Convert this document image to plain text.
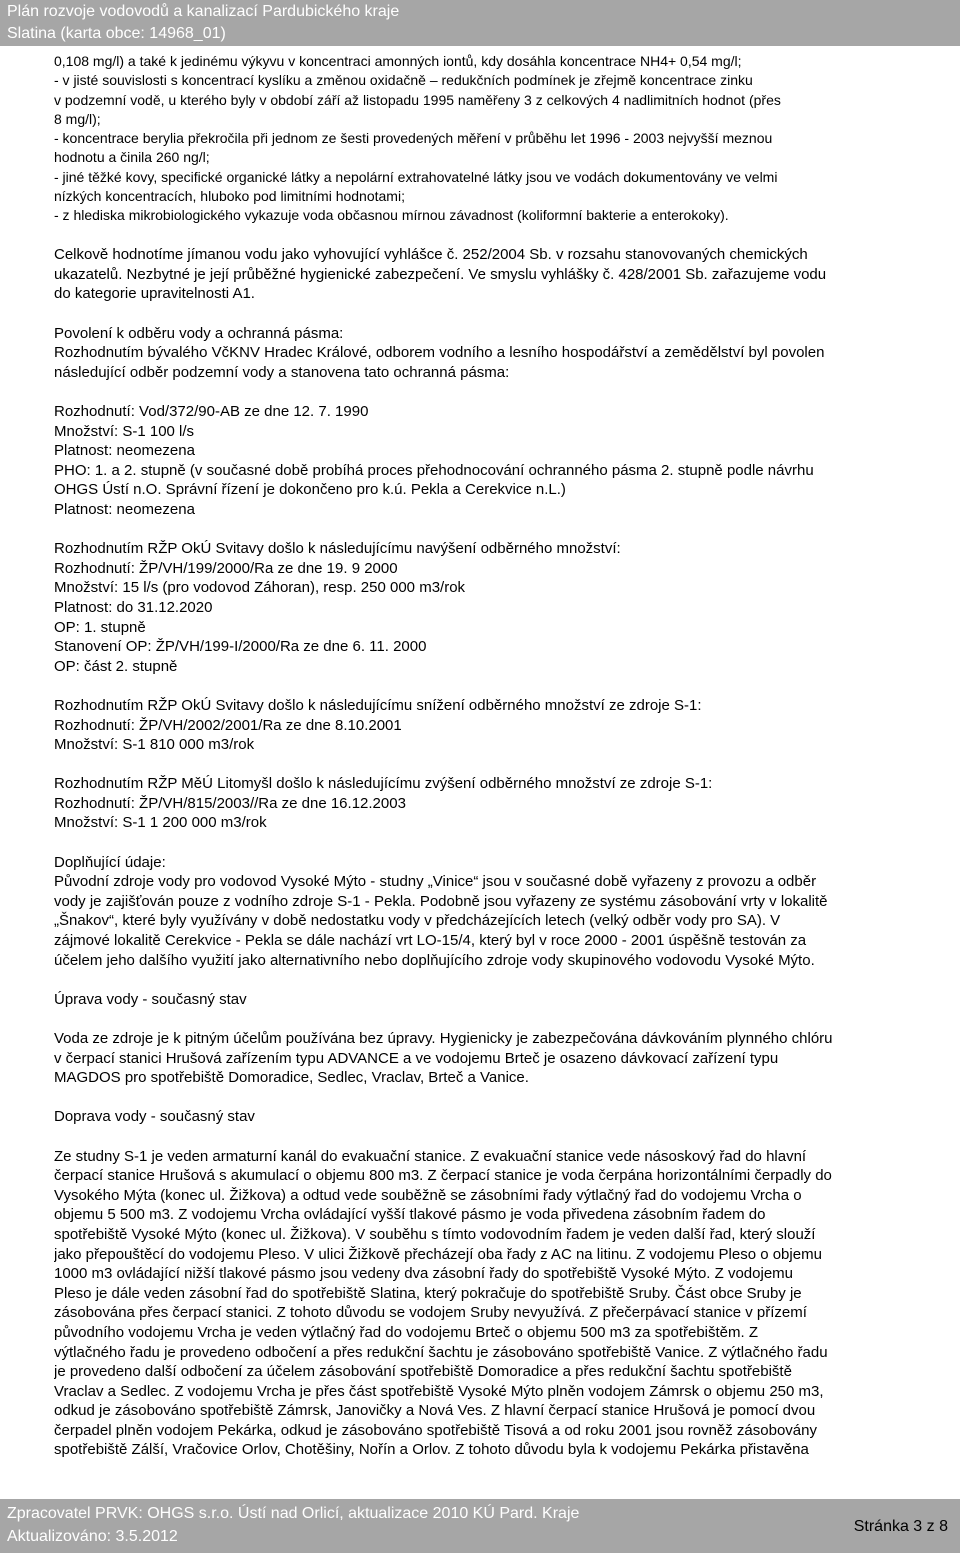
Plán rozvoje vodovodů a kanalizací Pardubického kraje
Slatina (karta obce: 14968_01)

0,108 mg/l) a také k jedinému výkyvu v koncentraci amonných iontů, kdy dosáhla koncentrace NH4+ 0,54 mg/l;

- v jisté souvislosti s koncentrací kyslíku a změnou oxidačně – redukčních podmínek je zřejmě koncentrace zinku

v podzemní vodě, u kterého byly v období září až listopadu 1995 naměřeny 3 z celkových 4 nadlimitních hodnot (přes

8 mg/l);

- koncentrace berylia překročila při jednom ze šesti provedených měření v průběhu let 1996 - 2003 nejvyšší meznou

hodnotu a činila 260 ng/l;

- jiné těžké kovy, specifické organické látky a nepolární extrahovatelné látky jsou ve vodách dokumentovány ve velmi

nízkých koncentracích, hluboko pod limitními hodnotami;

- z hlediska mikrobiologického vykazuje voda občasnou mírnou závadnost (koliformní bakterie a enterokoky).

Celkově hodnotíme jímanou vodu jako vyhovující vyhlášce č. 252/2004 Sb. v rozsahu stanovovaných chemických

ukazatelů. Nezbytné je její průběžné hygienické zabezpečení. Ve smyslu vyhlášky č. 428/2001 Sb. zařazujeme vodu

do kategorie upravitelnosti A1.

Povolení k odběru vody a ochranná pásma:

Rozhodnutím bývalého VčKNV Hradec Králové, odborem vodního a lesního hospodářství a zemědělství byl povolen

následující odběr podzemní vody a stanovena tato ochranná pásma:

Rozhodnutí: Vod/372/90-AB ze dne 12. 7. 1990

Množství: S-1 100 l/s

Platnost: neomezena

PHO: 1. a 2. stupně (v současné době probíhá proces přehodnocování ochranného pásma 2. stupně podle návrhu

OHGS Ústí n.O. Správní řízení je dokončeno pro k.ú. Pekla a Cerekvice n.L.)

Platnost: neomezena

Rozhodnutím RŽP OkÚ Svitavy došlo k následujícímu navýšení odběrného množství:

Rozhodnutí: ŽP/VH/199/2000/Ra ze dne 19. 9 2000

Množství: 15 l/s (pro vodovod Záhoran), resp. 250 000 m3/rok

Platnost: do 31.12.2020

OP: 1. stupně

Stanovení OP: ŽP/VH/199-I/2000/Ra ze dne 6. 11. 2000

OP: část 2. stupně

Rozhodnutím RŽP OkÚ Svitavy došlo k následujícímu snížení odběrného množství ze zdroje S-1:

Rozhodnutí: ŽP/VH/2002/2001/Ra ze dne 8.10.2001

Množství: S-1 810 000 m3/rok

Rozhodnutím RŽP MěÚ Litomyšl došlo k následujícímu zvýšení odběrného množství ze zdroje S-1:

Rozhodnutí: ŽP/VH/815/2003//Ra ze dne 16.12.2003

Množství: S-1 1 200 000 m3/rok

Doplňující údaje:

Původní zdroje vody pro vodovod Vysoké Mýto - studny „Vinice“ jsou v současné době vyřazeny z provozu a odběr

vody je zajišťován pouze z vodního zdroje S-1 - Pekla. Podobně jsou vyřazeny ze systému zásobování vrty v lokalitě

„Šnakov“, které byly využívány v době nedostatku vody v předcházejících letech (velký odběr vody pro SA). V

zájmové lokalitě Cerekvice - Pekla se dále nachází vrt LO-15/4, který byl v roce 2000 - 2001 úspěšně testován za

účelem jeho dalšího využití jako alternativního nebo doplňujícího zdroje vody skupinového vodovodu Vysoké Mýto.

Úprava vody - současný stav

Voda ze zdroje je k pitným účelům používána bez úpravy. Hygienicky je zabezpečována dávkováním plynného chlóru

v čerpací stanici Hrušová zařízením typu ADVANCE a ve vodojemu Brteč je osazeno dávkovací zařízení typu

MAGDOS pro spotřebiště Domoradice, Sedlec, Vraclav, Brteč a Vanice.

Doprava vody - současný stav

Ze studny S-1 je veden armaturní kanál do evakuační stanice. Z evakuační stanice vede násoskový řad do hlavní

čerpací stanice Hrušová s akumulací o objemu 800 m3. Z čerpací stanice je voda čerpána horizontálními čerpadly do

Vysokého Mýta (konec ul. Žižkova) a odtud vede souběžně se zásobními řady výtlačný řad do vodojemu Vrcha o

objemu 5 500 m3. Z vodojemu Vrcha ovládající vyšší tlakové pásmo je voda přivedena zásobním řadem do

spotřebiště Vysoké Mýto (konec ul. Žižkova). V souběhu s tímto vodovodním řadem je veden další řad, který slouží

jako přepouštěcí do vodojemu Pleso. V ulici Žižkově přecházejí oba řady z AC na litinu. Z vodojemu Pleso o objemu

1000 m3 ovládající nižší tlakové pásmo jsou vedeny dva zásobní řady do spotřebiště Vysoké Mýto. Z vodojemu

Pleso je dále veden zásobní řad do spotřebiště Slatina, který pokračuje do spotřebiště Sruby. Část obce Sruby je

zásobována přes čerpací stanici. Z tohoto důvodu se vodojem Sruby nevyužívá. Z přečerpávací stanice v přízemí

původního vodojemu Vrcha je veden výtlačný řad do vodojemu Brteč o objemu 500 m3 za spotřebištěm. Z

výtlačného řadu je provedeno odbočení a přes redukční šachtu je zásobováno spotřebiště Vanice. Z výtlačného řadu

je provedeno další odbočení za účelem zásobování spotřebiště Domoradice a přes redukční šachtu spotřebiště

Vraclav a Sedlec. Z vodojemu Vrcha je přes část spotřebiště Vysoké Mýto plněn vodojem Zámrsk o objemu 250 m3,

odkud je zásobováno spotřebiště Zámrsk, Janovičky a Nová Ves. Z hlavní čerpací stanice Hrušová je pomocí dvou

čerpadel plněn vodojem Pekárka, odkud je zásobováno spotřebiště Tisová a od roku 2001 jsou rovněž zásobovány

spotřebiště Zálší, Vračovice Orlov, Chotěšiny, Nořín a Orlov. Z tohoto důvodu byla k vodojemu Pekárka přistavěna

Zpracovatel PRVK: OHGS s.r.o. Ústí nad Orlicí, aktualizace 2010 KÚ Pard. Kraje
Aktualizováno: 3.5.2012
Stránka 3 z 8
